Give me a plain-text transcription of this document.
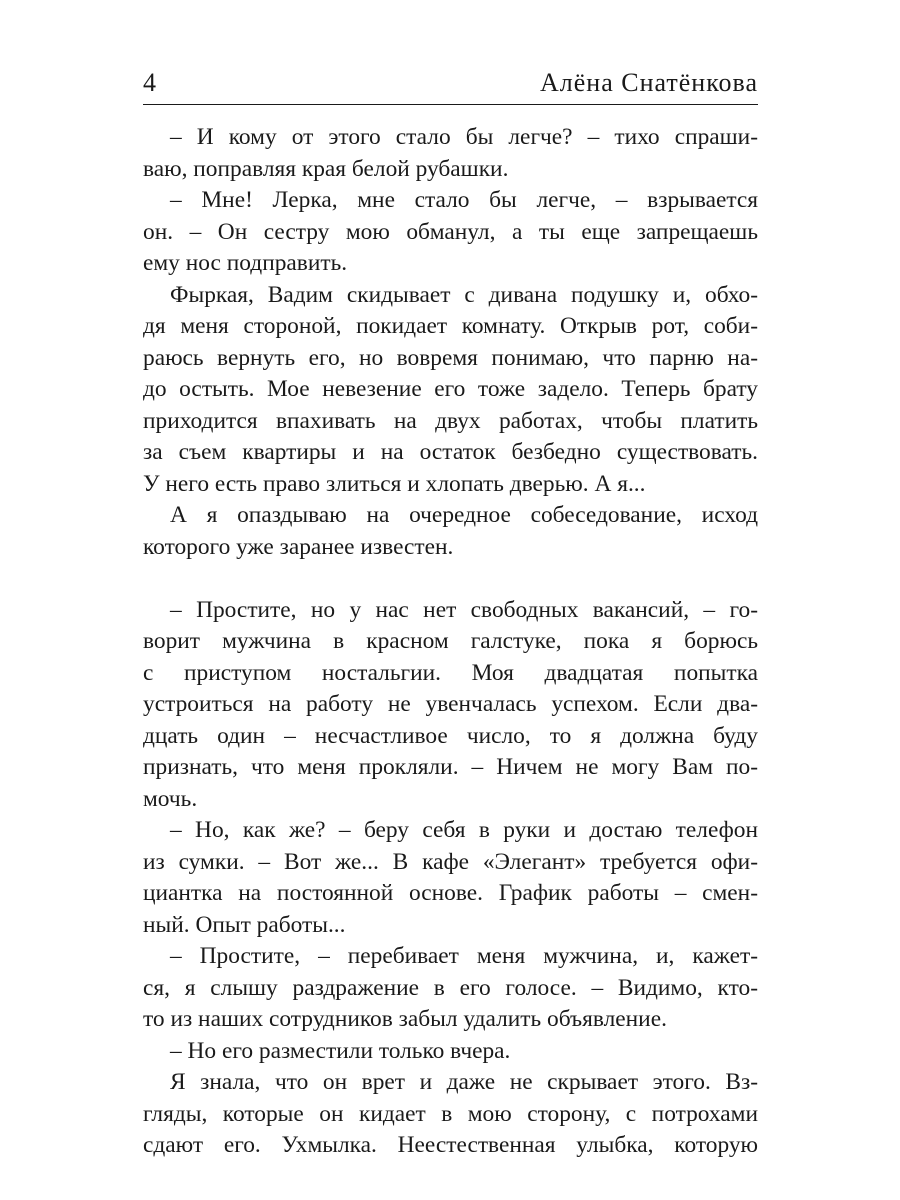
4	Алёна Снатёнкова
– И кому от этого стало бы легче? – тихо спраши-
ваю, поправляя края белой рубашки.
– Мне! Лерка, мне стало бы легче, – взрывается
он. – Он сестру мою обманул, а ты еще запрещаешь
ему нос подправить.
Фыркая, Вадим скидывает с дивана подушку и, обхо-
дя меня стороной, покидает комнату. Открыв рот, соби-
раюсь вернуть его, но вовремя понимаю, что парню на-
до остыть. Мое невезение его тоже задело. Теперь брату
приходится впахивать на двух работах, чтобы платить
за съем квартиры и на остаток безбедно существовать.
У него есть право злиться и хлопать дверью. А я...
А я опаздываю на очередное собеседование, исход
которого уже заранее известен.
– Простите, но у нас нет свободных вакансий, – го-
ворит мужчина в красном галстуке, пока я борюсь
с приступом ностальгии. Моя двадцатая попытка
устроиться на работу не увенчалась успехом. Если два-
дцать один – несчастливое число, то я должна буду
признать, что меня прокляли. – Ничем не могу Вам по-
мочь.
– Но, как же? – беру себя в руки и достаю телефон
из сумки. – Вот же... В кафе «Элегант» требуется офи-
циантка на постоянной основе. График работы – смен-
ный. Опыт работы...
– Простите, – перебивает меня мужчина, и, кажет-
ся, я слышу раздражение в его голосе. – Видимо, кто-
то из наших сотрудников забыл удалить объявление.
– Но его разместили только вчера.
Я знала, что он врет и даже не скрывает этого. Вз-
гляды, которые он кидает в мою сторону, с потрохами
сдают его. Ухмылка. Неестественная улыбка, которую
